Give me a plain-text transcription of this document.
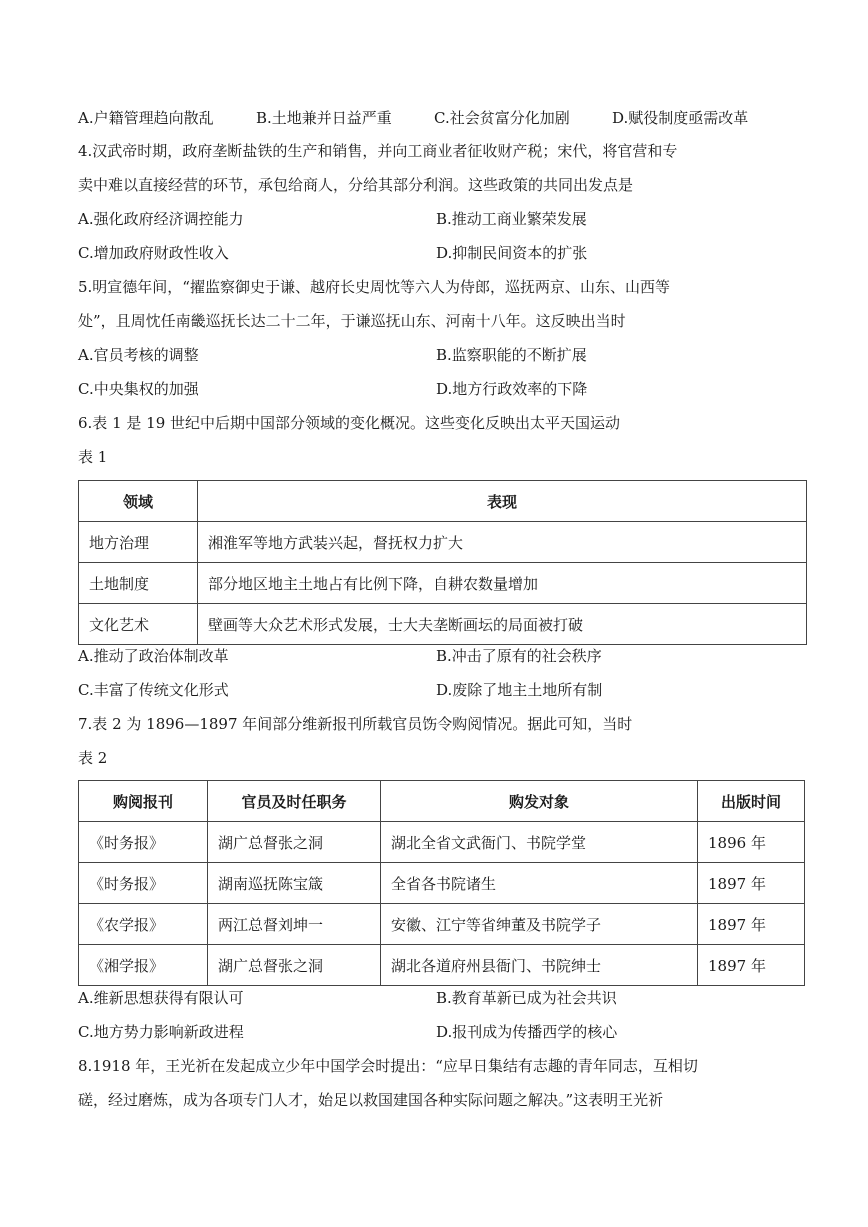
A.户籍管理趋向散乱	B.土地兼并日益严重	C.社会贫富分化加剧	D.赋役制度亟需改革
4.汉武帝时期，政府垄断盐铁的生产和销售，并向工商业者征收财产税；宋代，将官营和专
卖中难以直接经营的环节，承包给商人，分给其部分利润。这些政策的共同出发点是
A.强化政府经济调控能力	B.推动工商业繁荣发展
C.增加政府财政性收入	D.抑制民间资本的扩张
5.明宣德年间，“擢监察御史于谦、越府长史周忱等六人为侍郎，巡抚两京、山东、山西等
处”，且周忱任南畿巡抚长达二十二年，于谦巡抚山东、河南十八年。这反映出当时
A.官员考核的调整	B.监察职能的不断扩展
C.中央集权的加强	D.地方行政效率的下降
6.表 1 是 19 世纪中后期中国部分领域的变化概况。这些变化反映出太平天国运动
表 1
领域	表现
地方治理	湘淮军等地方武装兴起，督抚权力扩大
土地制度	部分地区地主土地占有比例下降，自耕农数量增加
文化艺术	壁画等大众艺术形式发展，士大夫垄断画坛的局面被打破
A.推动了政治体制改革	B.冲击了原有的社会秩序
C.丰富了传统文化形式	D.废除了地主土地所有制
7.表 2 为 1896—1897 年间部分维新报刊所载官员饬令购阅情况。据此可知，当时
表 2
购阅报刊	官员及时任职务	购发对象	出版时间
《时务报》	湖广总督张之洞	湖北全省文武衙门、书院学堂	1896 年
《时务报》	湖南巡抚陈宝箴	全省各书院诸生	1897 年
《农学报》	两江总督刘坤一	安徽、江宁等省绅董及书院学子	1897 年
《湘学报》	湖广总督张之洞	湖北各道府州县衙门、书院绅士	1897 年
A.维新思想获得有限认可	B.教育革新已成为社会共识
C.地方势力影响新政进程	D.报刊成为传播西学的核心
8.1918 年，王光祈在发起成立少年中国学会时提出：“应早日集结有志趣的青年同志，互相切
磋，经过磨炼，成为各项专门人才，始足以救国建国各种实际问题之解决。”这表明王光祈
